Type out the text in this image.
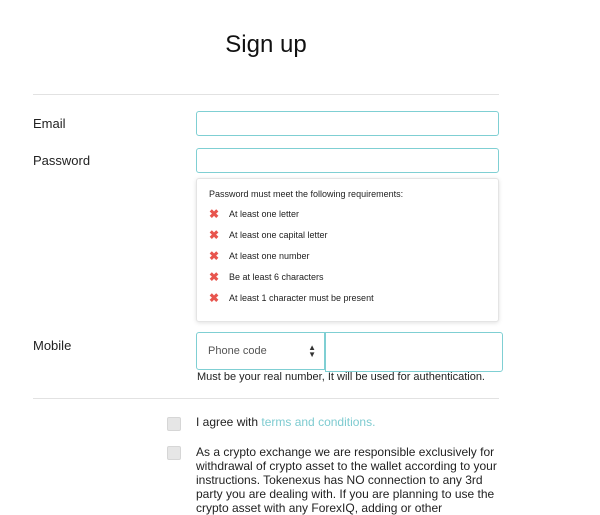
Sign up
Email
Password
Password must meet the following requirements:
✖	At least one letter
✖	At least one capital letter
✖	At least one number
✖	Be at least 6 characters
✖	At least 1 character must be present
Mobile	Phone code	▲
▼
Must be your real number, It will be used for authentication.
I agree with terms and conditions.
As a crypto exchange we are responsible exclusively for withdrawal of crypto asset to the wallet according to your instructions. Tokenexus has NO connection to any 3rd party you are dealing with. If you are planning to use the crypto asset with any ForexIQ, adding or other
